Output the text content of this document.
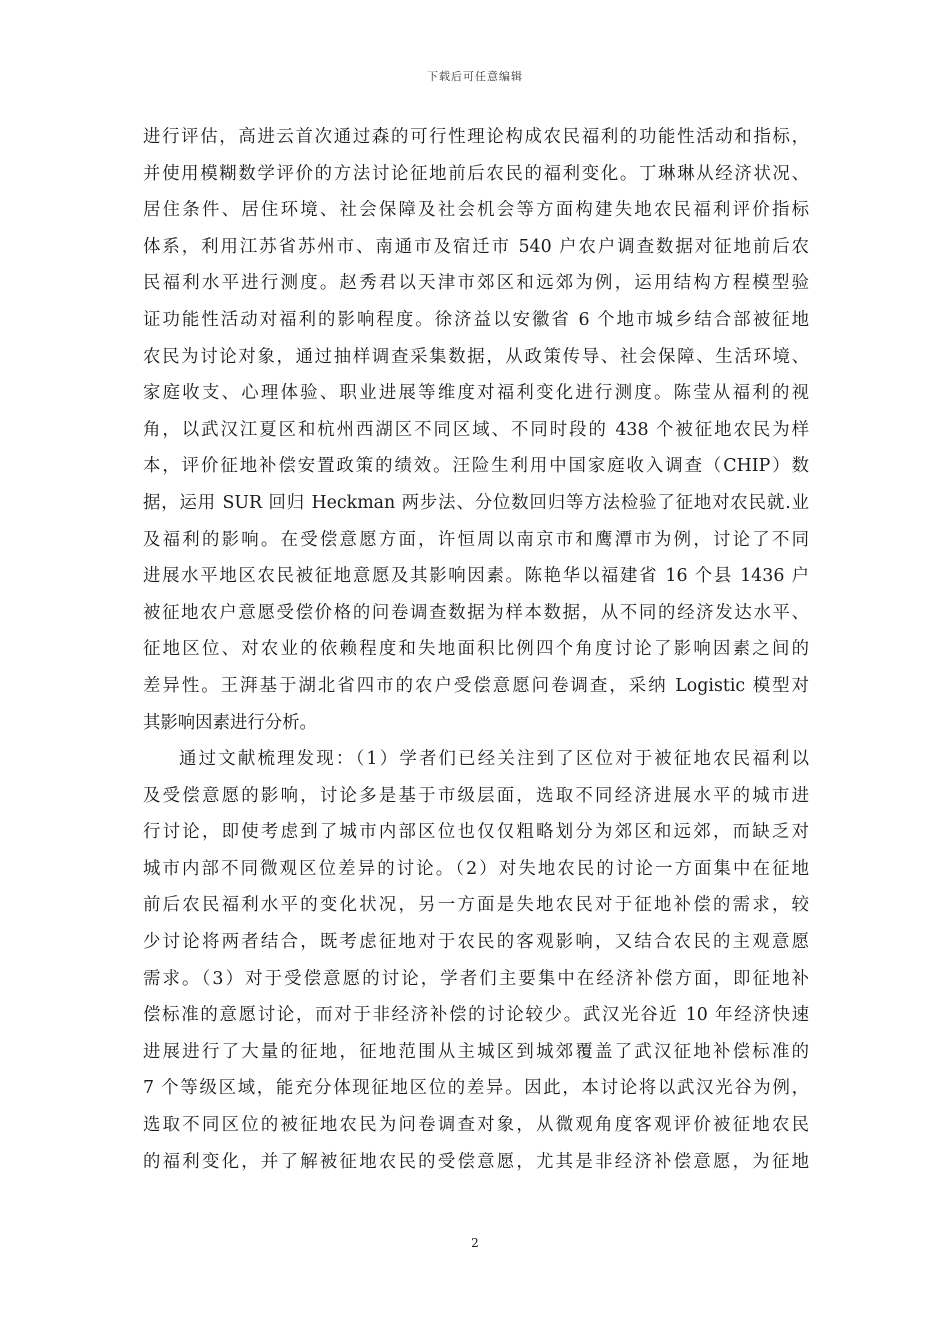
下载后可任意编辑
进行评估，高进云首次通过森的可行性理论构成农民福利的功能性活动和指标，
并使用模糊数学评价的方法讨论征地前后农民的福利变化。丁琳琳从经济状况、
居住条件、居住环境、社会保障及社会机会等方面构建失地农民福利评价指标
体系，利用江苏省苏州市、南通市及宿迁市 540 户农户调查数据对征地前后农
民福利水平进行测度。赵秀君以天津市郊区和远郊为例，运用结构方程模型验
证功能性活动对福利的影响程度。徐济益以安徽省 6 个地市城乡结合部被征地
农民为讨论对象，通过抽样调查采集数据，从政策传导、社会保障、生活环境、
家庭收支、心理体验、职业进展等维度对福利变化进行测度。陈莹从福利的视
角，以武汉江夏区和杭州西湖区不同区域、不同时段的 438 个被征地农民为样
本，评价征地补偿安置政策的绩效。汪险生利用中国家庭收入调查（CHIP）数
据，运用 SUR 回归 Heckman 两步法、分位数回归等方法检验了征地对农民就.业
及福利的影响。在受偿意愿方面，许恒周以南京市和鹰潭市为例，讨论了不同
进展水平地区农民被征地意愿及其影响因素。陈艳华以福建省 16 个县 1436 户
被征地农户意愿受偿价格的问卷调查数据为样本数据，从不同的经济发达水平、
征地区位、对农业的依赖程度和失地面积比例四个角度讨论了影响因素之间的
差异性。王湃基于湖北省四市的农户受偿意愿问卷调查，采纳 Logistic 模型对
其影响因素进行分析。
通过文献梳理发现：（1）学者们已经关注到了区位对于被征地农民福利以
及受偿意愿的影响，讨论多是基于市级层面，选取不同经济进展水平的城市进
行讨论，即使考虑到了城市内部区位也仅仅粗略划分为郊区和远郊，而缺乏对
城市内部不同微观区位差异的讨论。（2）对失地农民的讨论一方面集中在征地
前后农民福利水平的变化状况，另一方面是失地农民对于征地补偿的需求，较
少讨论将两者结合，既考虑征地对于农民的客观影响，又结合农民的主观意愿
需求。（3）对于受偿意愿的讨论，学者们主要集中在经济补偿方面，即征地补
偿标准的意愿讨论，而对于非经济补偿的讨论较少。武汉光谷近 10 年经济快速
进展进行了大量的征地，征地范围从主城区到城郊覆盖了武汉征地补偿标准的
7 个等级区域，能充分体现征地区位的差异。因此，本讨论将以武汉光谷为例，
选取不同区位的被征地农民为问卷调查对象，从微观角度客观评价被征地农民
的福利变化，并了解被征地农民的受偿意愿，尤其是非经济补偿意愿，为征地
2
